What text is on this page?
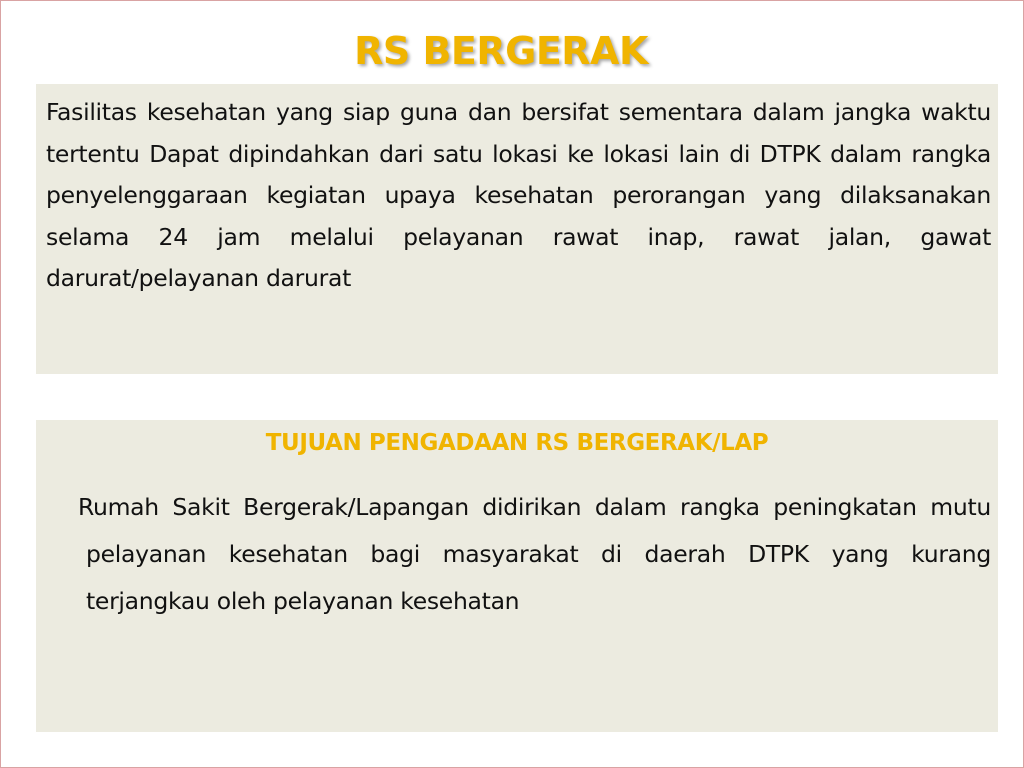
RS BERGERAK
Fasilitas kesehatan yang siap guna dan bersifat sementara dalam jangka waktu tertentu Dapat dipindahkan dari satu lokasi ke lokasi lain di DTPK dalam rangka penyelenggaraan kegiatan upaya kesehatan perorangan yang dilaksanakan selama 24 jam melalui pelayanan rawat inap, rawat jalan, gawat darurat/pelayanan darurat
TUJUAN PENGADAAN RS BERGERAK/LAP
Rumah Sakit Bergerak/Lapangan didirikan dalam rangka peningkatan mutu pelayanan kesehatan bagi masyarakat di daerah DTPK yang kurang terjangkau oleh pelayanan kesehatan
